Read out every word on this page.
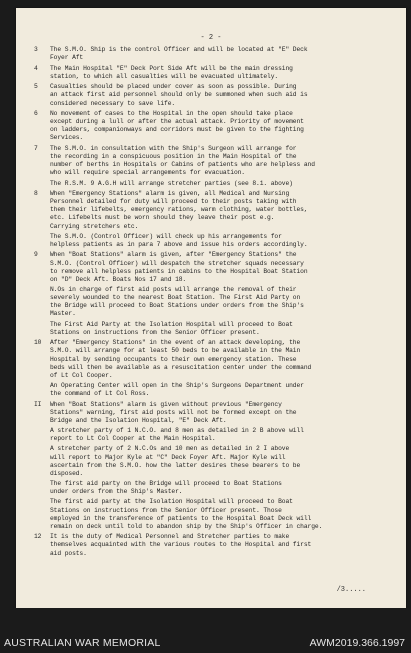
- 2 -
3	The S.M.O. Ship is the control Officer and will be located at "E" Deck
Foyer Aft
4	The Main Hospital "E" Deck Port Side Aft will be the main dressing
station, to which all casualties will be evacuated ultimately.
5	Casualties should be placed under cover as soon as possible. During
an attack first aid personnel should only be summoned when such aid is
considered necessary to save life.
6	No movement of cases to the Hospital in the open should take place
except during a lull or after the actual attack. Priority of movement
on ladders, companionways and corridors must be given to the fighting
Services.
7	The S.M.O. in consultation with the Ship's Surgeon will arrange for
the recording in a conspicuous position in the Main Hospital of the
number of berths in Hospitals or Cabins of patients who are helpless and
who will require special arrangements for evacuation.
The R.S.M. 9 A.G.H will arrange stretcher parties (see 8.1. above)
8	When "Emergency Stations" alarm is given, all Medical and Nursing
Personnel detailed for duty will proceed to their posts taking with
them their lifebelts, emergency rations, warm clothing, water bottles,
etc. Lifebelts must be worn should they leave their post e.g.
Carrying stretchers etc.
The S.M.O. (Control Officer) will check up his arrangements for
helpless patients as in para 7 above and issue his orders accordingly.
9	When "Boat Stations" alarm is given, after "Emergency Stations" the
S.M.O. (Control Officer) will despatch the stretcher squads necessary
to remove all helpless patients in cabins to the Hospital Boat Station
on "D" Deck Aft. Boats Nos 17 and 18.
N.Os in charge of first aid posts will arrange the removal of their
severely wounded to the nearest Boat Station. The First Aid Party on
the Bridge will proceed to Boat Stations under orders from the Ship's
Master.
The First Aid Party at the Isolation Hospital will proceed to Boat
Stations on instructions from the Senior Officer present.
10	After "Emergency Stations" in the event of an attack developing, the
S.M.O. will arrange for at least 50 beds to be available in the Main
Hospital by sending occupants to their own emergency station. These
beds will then be available as a resuscitation center under the command
of Lt Col Cooper.
An Operating Center will open in the Ship's Surgeons Department under
the command of Lt Col Ross.
II	When "Boat Stations" alarm is given without previous "Emergency
Stations" warning, first aid posts will not be formed except on the
Bridge and the Isolation Hospital, "E" Deck Aft.
A stretcher party of 1 N.C.O. and 8 men as detailed in 2 B above will
report to Lt Col Cooper at the Main Hospital.
A stretcher party of 2 N.C.Os and 10 men as detailed in 2 I above
will report to Major Kyle at "C" Deck Foyer Aft. Major Kyle will
ascertain from the S.M.O. how the latter desires these bearers to be
disposed.
The first aid party on the Bridge will proceed to Boat Stations
under orders from the Ship's Master.
The first aid party at the Isolation Hospital will proceed to Boat
Stations on instructions from the Senior Officer present. Those
employed in the transference of patients to the Hospital Boat Deck will
remain on deck until told to abandon ship by the Ship's Officer in charge.
12	It is the duty of Medical Personnel and Stretcher parties to make
themselves acquainted with the various routes to the Hospital and first
aid posts.
/3.....
AUSTRALIAN WAR MEMORIAL	AWM2019.366.1997
